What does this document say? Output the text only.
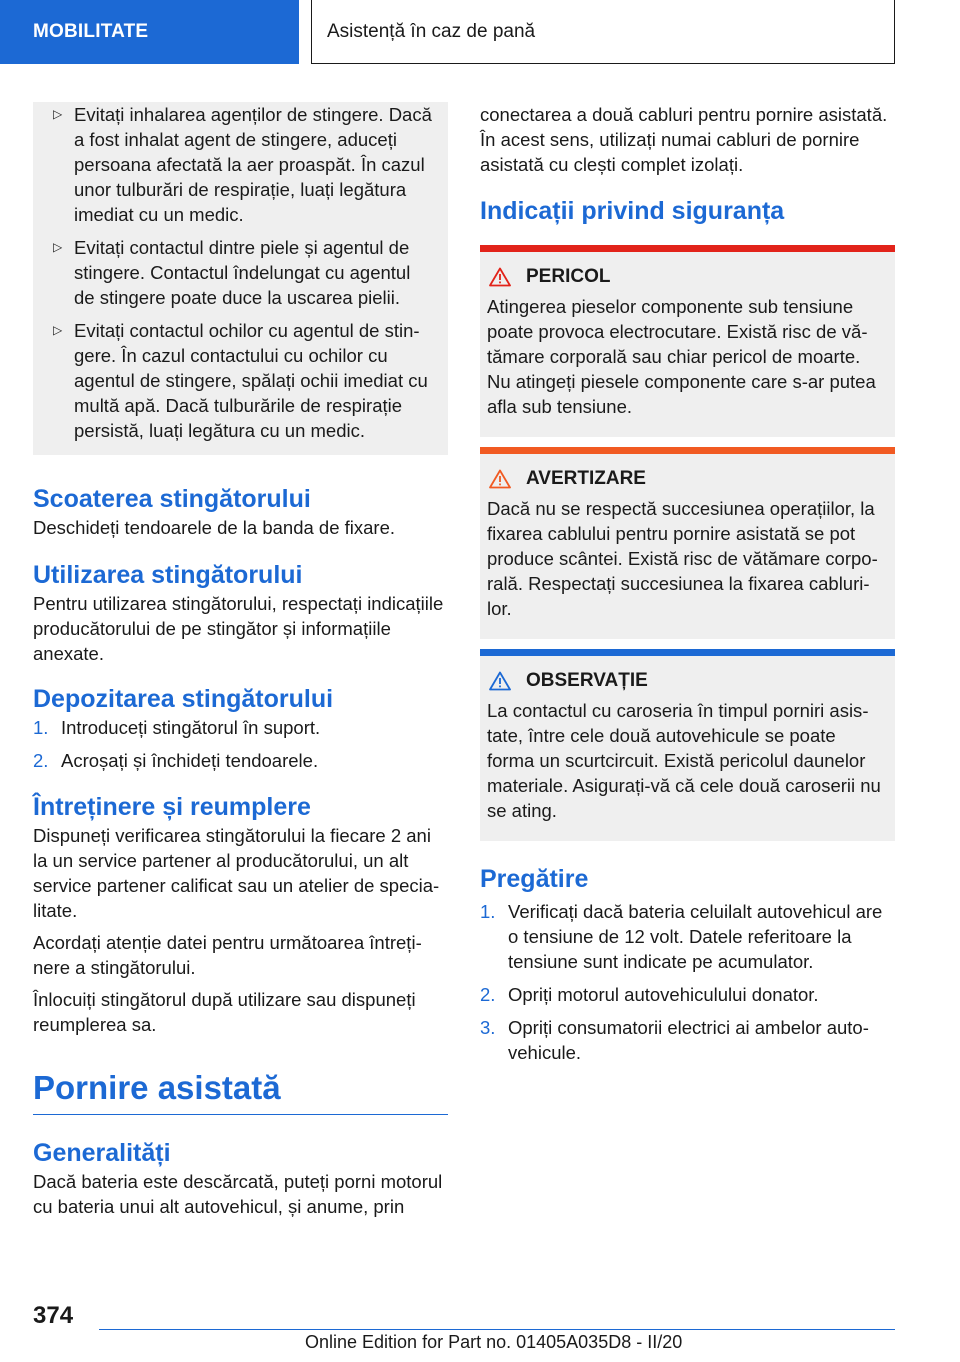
MOBILITATE	Asistență în caz de pană
▷ Evitați inhalarea agenților de stingere. Dacă a fost inhalat agent de stingere, aduceți persoana afectată la aer proaspăt. În cazul unor tulburări de respirație, luați legătura imediat cu un medic.
▷ Evitați contactul dintre piele și agentul de stingere. Contactul îndelungat cu agentul de stingere poate duce la uscarea pielii.
▷ Evitați contactul ochilor cu agentul de stingere. În cazul contactului cu ochilor cu agentul de stingere, spălați ochii imediat cu multă apă. Dacă tulburările de respirație persistă, luați legătura cu un medic.
Scoaterea stingătorului

Deschideți tendoarele de la banda de fixare.

Utilizarea stingătorului

Pentru utilizarea stingătorului, respectați indicațiile producătorului de pe stingător și informațiile anexate.

Depozitarea stingătorului
1. Introduceți stingătorul în suport.
2. Acroșați și închideți tendoarele.
Întreținere și reumplere

Dispuneți verificarea stingătorului la fiecare 2 ani la un service partener al producătorului, un alt service partener calificat sau un atelier de specialitate.

Acordați atenție datei pentru următoarea întreținere a stingătorului.

Înlocuiți stingătorul după utilizare sau dispuneți reumplerea sa.

Pornire asistată
Generalități

Dacă bateria este descărcată, puteți porni motorul cu bateria unui alt autovehicul, și anume, prin

conectarea a două cabluri pentru pornire asistată. În acest sens, utilizați numai cabluri de pornire asistată cu clești complet izolați.

Indicații privind siguranța
PERICOL
Atingerea pieselor componente sub tensiune poate provoca electrocutare. Există risc de vătămare corporală sau chiar pericol de moarte. Nu atingeți piesele componente care s-ar putea afla sub tensiune.
AVERTIZARE
Dacă nu se respectă succesiunea operațiilor, la fixarea cablului pentru pornire asistată se pot produce scântei. Există risc de vătămare corporală. Respectați succesiunea la fixarea cablurilor.
OBSERVAȚIE
La contactul cu caroseria în timpul porniri asistate, între cele două autovehicule se poate forma un scurtcircuit. Există pericolul daunelor materiale. Asigurați-vă că cele două caroserii nu se ating.
Pregătire
1. Verificați dacă bateria celuilalt autovehicul are o tensiune de 12 volt. Datele referitoare la tensiune sunt indicate pe acumulator.
2. Opriți motorul autovehiculului donator.
3. Opriți consumatorii electrici ai ambelor autovehicule.
374
Online Edition for Part no. 01405A035D8 - II/20
